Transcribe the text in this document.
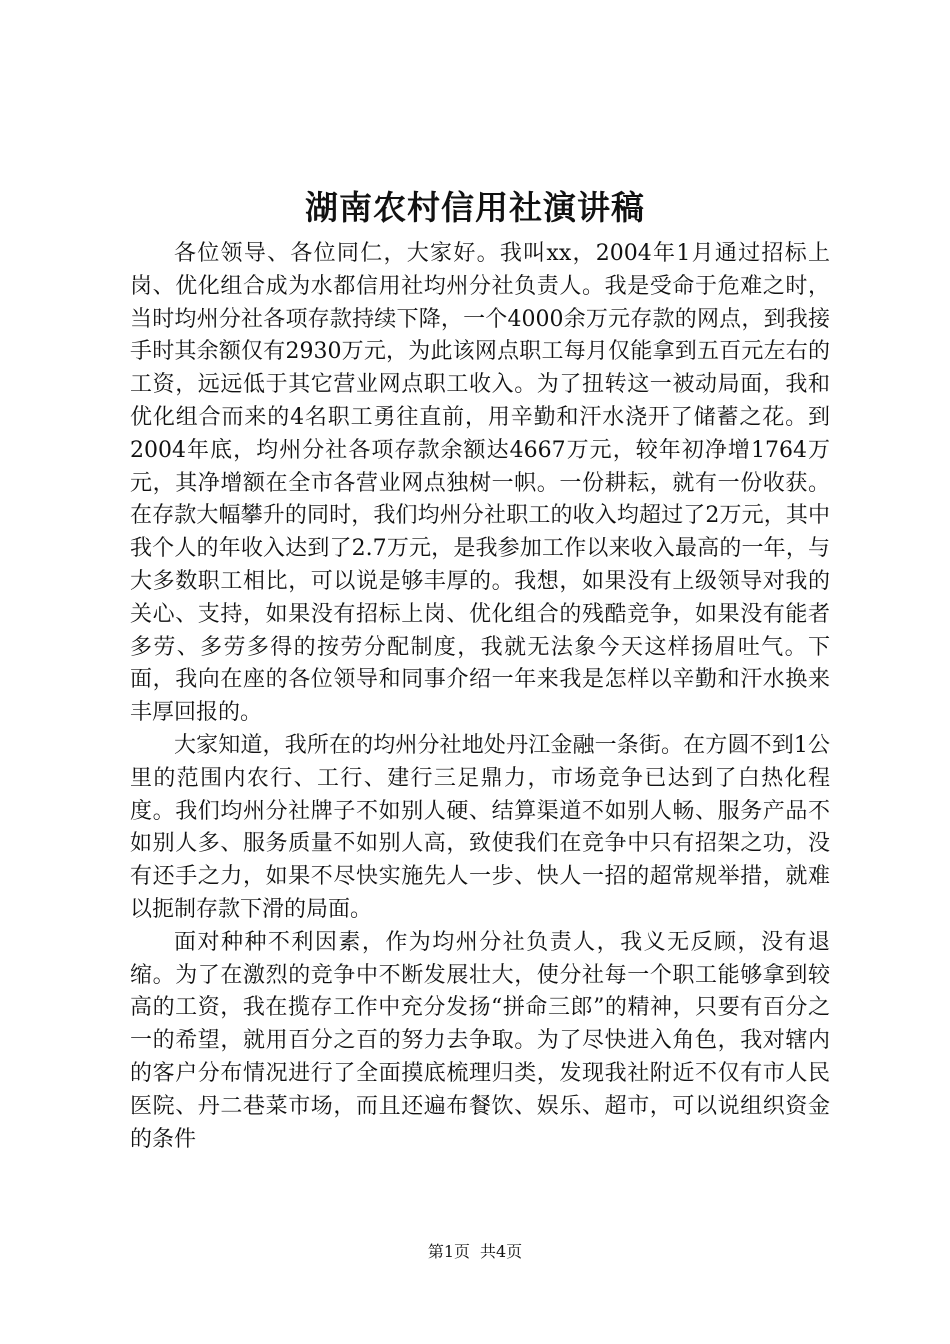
湖南农村信用社演讲稿

各位领导、各位同仁，大家好。我叫xx，2004年1月通过招标上岗、优化组合成为水都信用社均州分社负责人。我是受命于危难之时，当时均州分社各项存款持续下降，一个4000余万元存款的网点，到我接手时其余额仅有2930万元，为此该网点职工每月仅能拿到五百元左右的工资，远远低于其它营业网点职工收入。为了扭转这一被动局面，我和优化组合而来的4名职工勇往直前，用辛勤和汗水浇开了储蓄之花。到2004年底，均州分社各项存款余额达4667万元，较年初净增1764万元，其净增额在全市各营业网点独树一帜。一份耕耘，就有一份收获。在存款大幅攀升的同时，我们均州分社职工的收入均超过了2万元，其中我个人的年收入达到了2.7万元，是我参加工作以来收入最高的一年，与大多数职工相比，可以说是够丰厚的。我想，如果没有上级领导对我的关心、支持，如果没有招标上岗、优化组合的残酷竞争，如果没有能者多劳、多劳多得的按劳分配制度，我就无法象今天这样扬眉吐气。下面，我向在座的各位领导和同事介绍一年来我是怎样以辛勤和汗水换来丰厚回报的。

大家知道，我所在的均州分社地处丹江金融一条街。在方圆不到1公里的范围内农行、工行、建行三足鼎力，市场竞争已达到了白热化程度。我们均州分社牌子不如别人硬、结算渠道不如别人畅、服务产品不如别人多、服务质量不如别人高，致使我们在竞争中只有招架之功，没有还手之力，如果不尽快实施先人一步、快人一招的超常规举措，就难以扼制存款下滑的局面。

面对种种不利因素，作为均州分社负责人，我义无反顾，没有退缩。为了在激烈的竞争中不断发展壮大，使分社每一个职工能够拿到较高的工资，我在揽存工作中充分发扬“拼命三郎”的精神，只要有百分之一的希望，就用百分之百的努力去争取。为了尽快进入角色，我对辖内的客户分布情况进行了全面摸底梳理归类，发现我社附近不仅有市人民医院、丹二巷菜市场，而且还遍布餐饮、娱乐、超市，可以说组织资金的条件

第1页 共4页
